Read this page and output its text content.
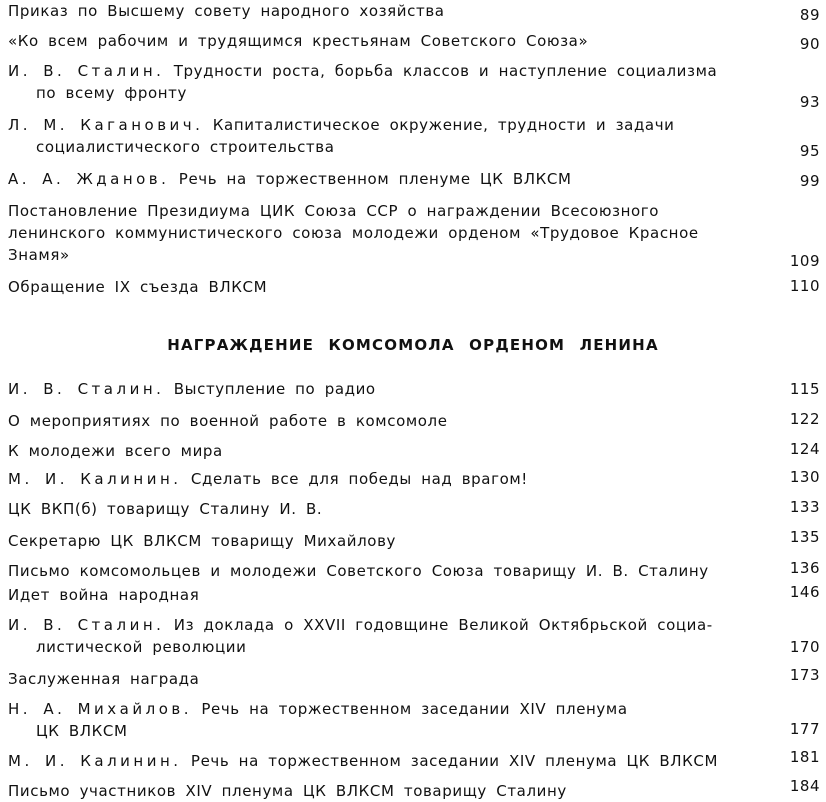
Приказ по Высшему совету народного хозяйства	89
«Ко всем рабочим и трудящимся крестьянам Советского Союза»	90
И. В. Сталин. Трудности роста, борьба классов и наступление социализма
по всему фронту	93
Л. М. Каганович. Капиталистическое окружение, трудности и задачи
социалистического строительства	95
А. А. Жданов. Речь на торжественном пленуме ЦК ВЛКСМ	99
Постановление Президиума ЦИК Союза ССР о награждении Всесоюзного
ленинского коммунистического союза молодежи орденом «Трудовое Красное
Знамя»	109
Обращение IX съезда ВЛКСМ	110
НАГРАЖДЕНИЕ КОМСОМОЛА ОРДЕНОМ ЛЕНИНА
И. В. Сталин. Выступление по радио	115
О мероприятиях по военной работе в комсомоле	122
К молодежи всего мира	124
М. И. Калинин. Сделать все для победы над врагом!	130
ЦК ВКП(б) товарищу Сталину И. В.	133
Секретарю ЦК ВЛКСМ товарищу Михайлову	135
Письмо комсомольцев и молодежи Советского Союза товарищу И. В. Сталину	136
Идет война народная	146
И. В. Сталин. Из доклада о XXVII годовщине Великой Октябрьской социа-
листической революции	170
Заслуженная награда	173
Н. А. Михайлов. Речь на торжественном заседании XIV пленума
ЦК ВЛКСМ	177
М. И. Калинин. Речь на торжественном заседании XIV пленума ЦК ВЛКСМ	181
Письмо участников XIV пленума ЦК ВЛКСМ товарищу Сталину	184
